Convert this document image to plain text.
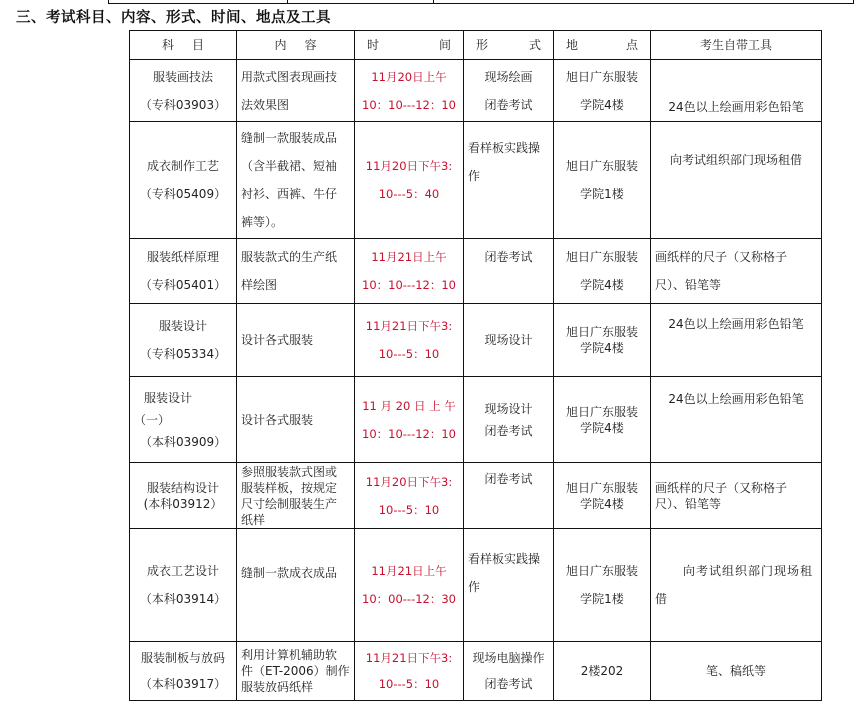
三、考试科目、内容、形式、时间、地点及工具
科   目	内   容	时 间	形 式	地 点	考生自带工具

服装画技法
（专科03903）	用款式图表现画技
法效果图	11月20日上午
10：10---12：10	现场绘画
闭卷考试	旭日广东服装
学院4楼	24色以上绘画用彩色铅笔

成衣制作工艺
（专科05409）	缝制一款服装成品
（含半截裙、短袖
衬衫、西裤、牛仔
裤等）。	11月20日下午3:
10---5：40	看样板实践操
作	旭日广东服装
学院1楼	向考试组织部门现场租借

服装纸样原理
（专科05401）	服装款式的生产纸
样绘图	11月21日上午
10：10---12：10	闭卷考试	旭日广东服装
学院4楼	画纸样的尺子（又称格子
尺）、铅笔等

服装设计
（专科05334）	设计各式服装	11月21日下午3:
10---5：10	现场设计	旭日广东服装
学院4楼	24色以上绘画用彩色铅笔

服装设计
（一）
（本科03909）	设计各式服装	11 月 20 日 上 午
10：10---12：10	现场设计
闭卷考试	旭日广东服装
学院4楼	24色以上绘画用彩色铅笔

服装结构设计
(本科03912）	参照服装款式图或
服装样板，按规定
尺寸绘制服装生产
纸样	11月20日下午3:
10---5：10	闭卷考试	旭日广东服装
学院4楼	画纸样的尺子（又称格子
尺）、铅笔等

成衣工艺设计
（本科03914）	缝制一款成衣成品	11月21日上午
10：00---12：30	看样板实践操
作	旭日广东服装
学院1楼	向考试组织部门现场租
借

服装制板与放码
（本科03917）	利用计算机辅助软
件（ET-2006）制作
服装放码纸样	11月21日下午3:
10---5：10	现场电脑操作
闭卷考试	2楼202	笔、稿纸等
